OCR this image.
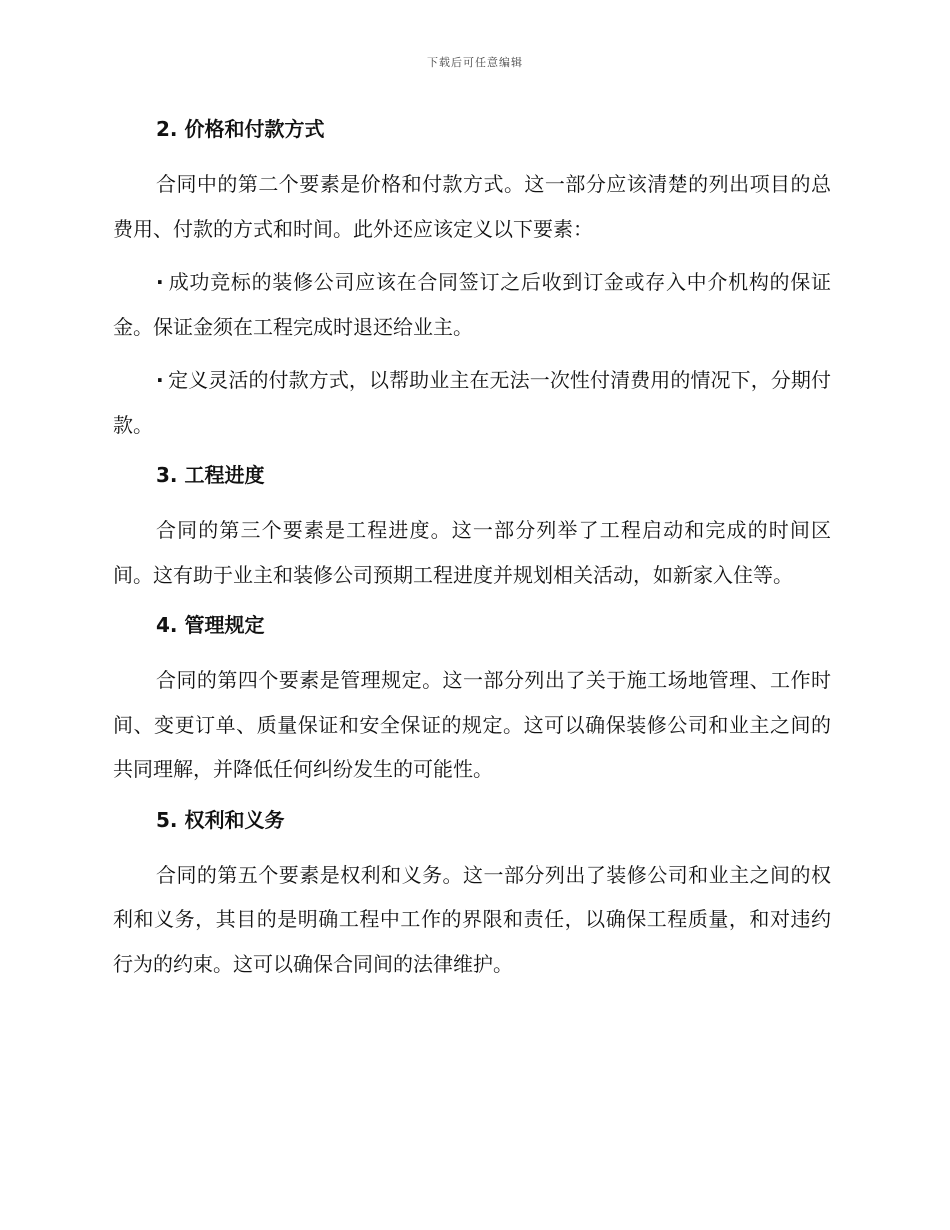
下载后可任意编辑
2. 价格和付款方式

合同中的第二个要素是价格和付款方式。这一部分应该清楚的列出项目的总费用、付款的方式和时间。此外还应该定义以下要素：

· 成功竞标的装修公司应该在合同签订之后收到订金或存入中介机构的保证金。保证金须在工程完成时退还给业主。

· 定义灵活的付款方式，以帮助业主在无法一次性付清费用的情况下，分期付款。

3. 工程进度

合同的第三个要素是工程进度。这一部分列举了工程启动和完成的时间区间。这有助于业主和装修公司预期工程进度并规划相关活动，如新家入住等。

4. 管理规定

合同的第四个要素是管理规定。这一部分列出了关于施工场地管理、工作时间、变更订单、质量保证和安全保证的规定。这可以确保装修公司和业主之间的共同理解，并降低任何纠纷发生的可能性。

5. 权利和义务

合同的第五个要素是权利和义务。这一部分列出了装修公司和业主之间的权利和义务，其目的是明确工程中工作的界限和责任，以确保工程质量，和对违约行为的约束。这可以确保合同间的法律维护。
